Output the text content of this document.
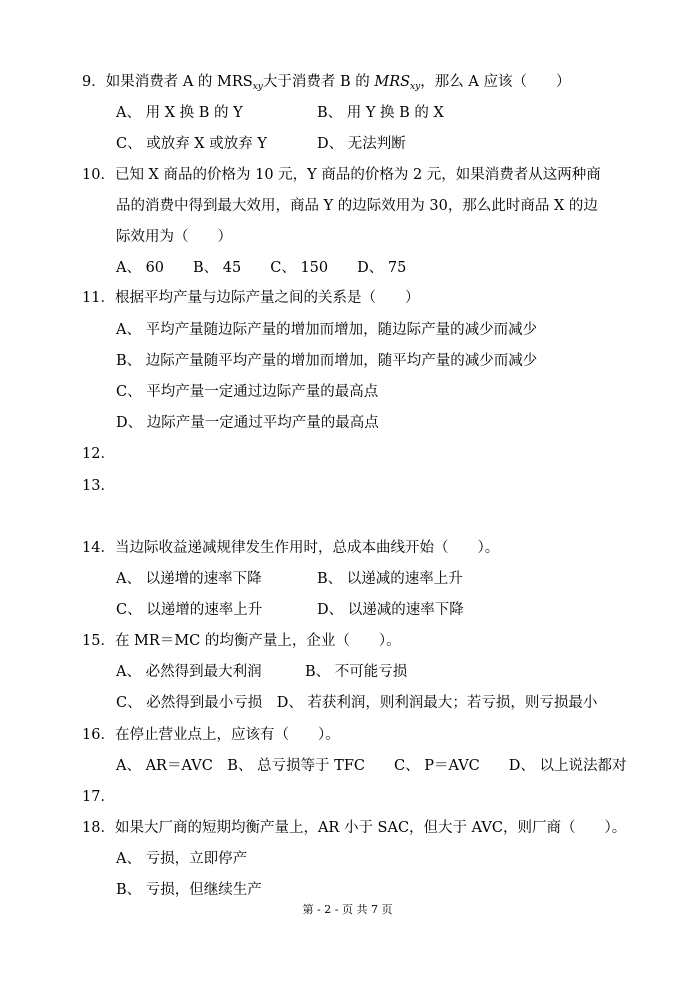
9．如果消费者 A 的 $MRS_{xy}$大于消费者 B 的 $MRS_{xy}$，那么 A 应该（　　）
A、 用 X 换 B 的 Y	B、 用 Y 换 B 的 X
C、 或放弃 X 或放弃 Y	D、 无法判断
10．已知 X 商品的价格为 10 元，Y 商品的价格为 2 元，如果消费者从这两种商
品的消费中得到最大效用，商品 Y 的边际效用为 30，那么此时商品 X 的边
际效用为（　　）
A、 60　　B、 45　　C、 150　　D、 75
11．根据平均产量与边际产量之间的关系是（　　）
A、 平均产量随边际产量的增加而增加，随边际产量的减少而减少
B、 边际产量随平均产量的增加而增加，随平均产量的减少而减少
C、 平均产量一定通过边际产量的最高点
D、 边际产量一定通过平均产量的最高点
12．
13．
14．当边际收益递减规律发生作用时，总成本曲线开始（　　）。
A、 以递增的速率下降	B、 以递减的速率上升
C、 以递增的速率上升	D、 以递减的速率下降
15．在 MR＝MC 的均衡产量上，企业（　　）。
A、 必然得到最大利润	B、 不可能亏损
C、 必然得到最小亏损　D、 若获利润，则利润最大；若亏损，则亏损最小
16．在停止营业点上，应该有（　　）。
A、 AR＝AVC　B、 总亏损等于 TFC　　C、 P＝AVC　　D、 以上说法都对
17．
18．如果大厂商的短期均衡产量上，AR 小于 SAC，但大于 AVC，则厂商（　　）。
A、 亏损，立即停产
B、 亏损，但继续生产
第 - 2 - 页 共 7 页
